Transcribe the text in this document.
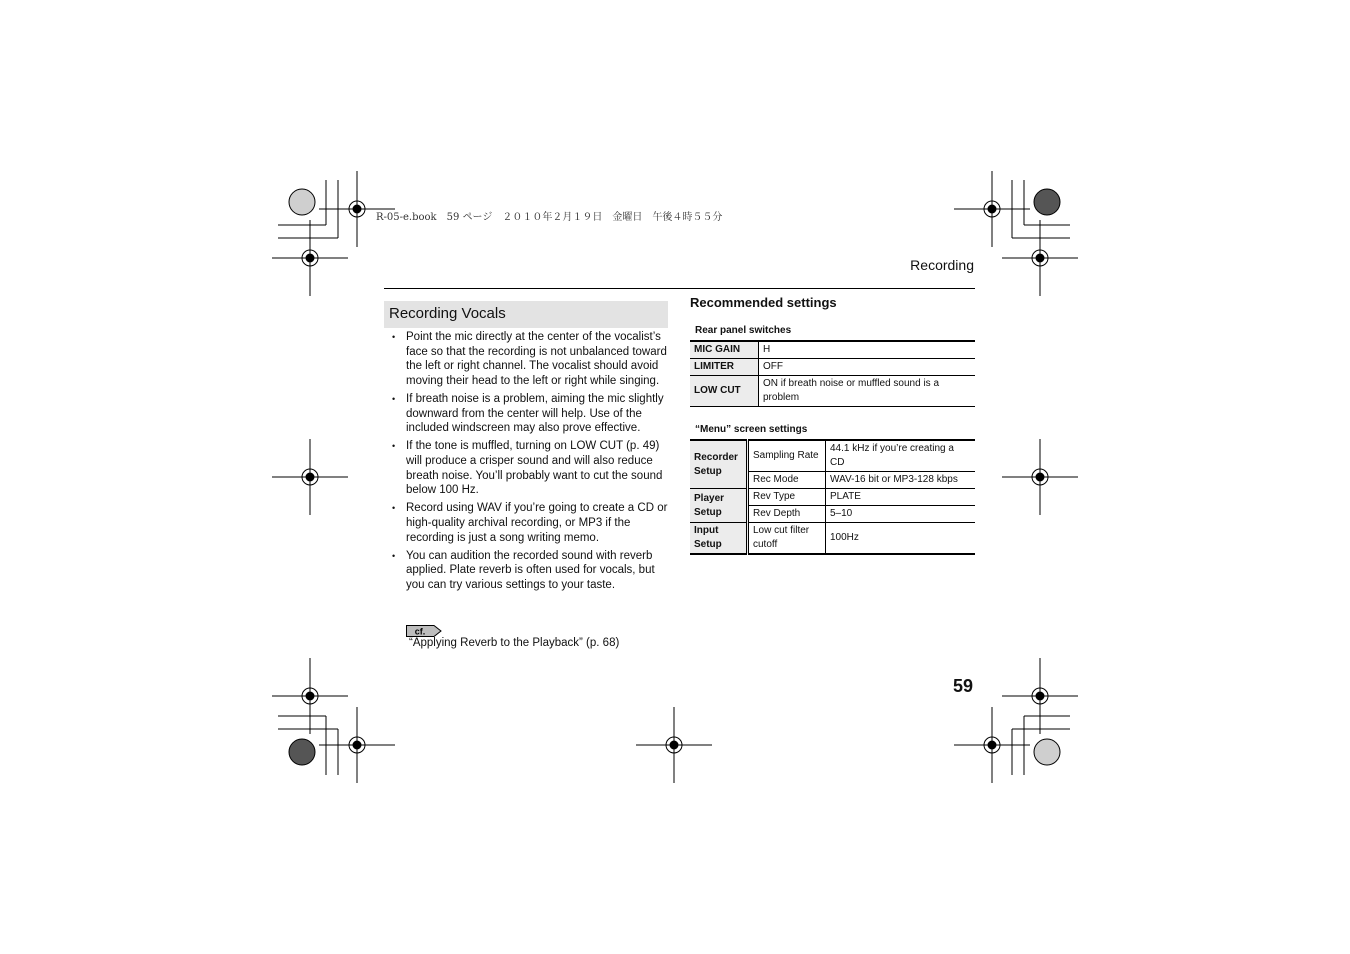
R-05-e.book　59 ページ　２０１０年２月１９日　金曜日　午後４時５５分
Recording
Recording Vocals
• Point the mic directly at the center of the vocalist’s face so that the recording is not unbalanced toward the left or right channel. The vocalist should avoid moving their head to the left or right while singing.
• If breath noise is a problem, aiming the mic slightly downward from the center will help. Use of the included windscreen may also prove effective.
• If the tone is muffled, turning on LOW CUT (p. 49) will produce a crisper sound and will also reduce breath noise. You’ll probably want to cut the sound below 100 Hz.
• Record using WAV if you’re going to create a CD or high-quality archival recording, or MP3 if the recording is just a song writing memo.
• You can audition the recorded sound with reverb applied. Plate reverb is often used for vocals, but you can try various settings to your taste.
cf.
“Applying Reverb to the Playback” (p. 68)
Recommended settings
Rear panel switches
MIC GAIN	H
LIMITER	OFF
LOW CUT	ON if breath noise or muffled sound is a problem
“Menu” screen settings
Recorder Setup	Sampling Rate	44.1 kHz if you’re creating a CD
	Rec Mode	WAV-16 bit or MP3-128 kbps
Player Setup	Rev Type	PLATE
	Rev Depth	5–10
Input Setup	Low cut filter cutoff	100Hz
59
